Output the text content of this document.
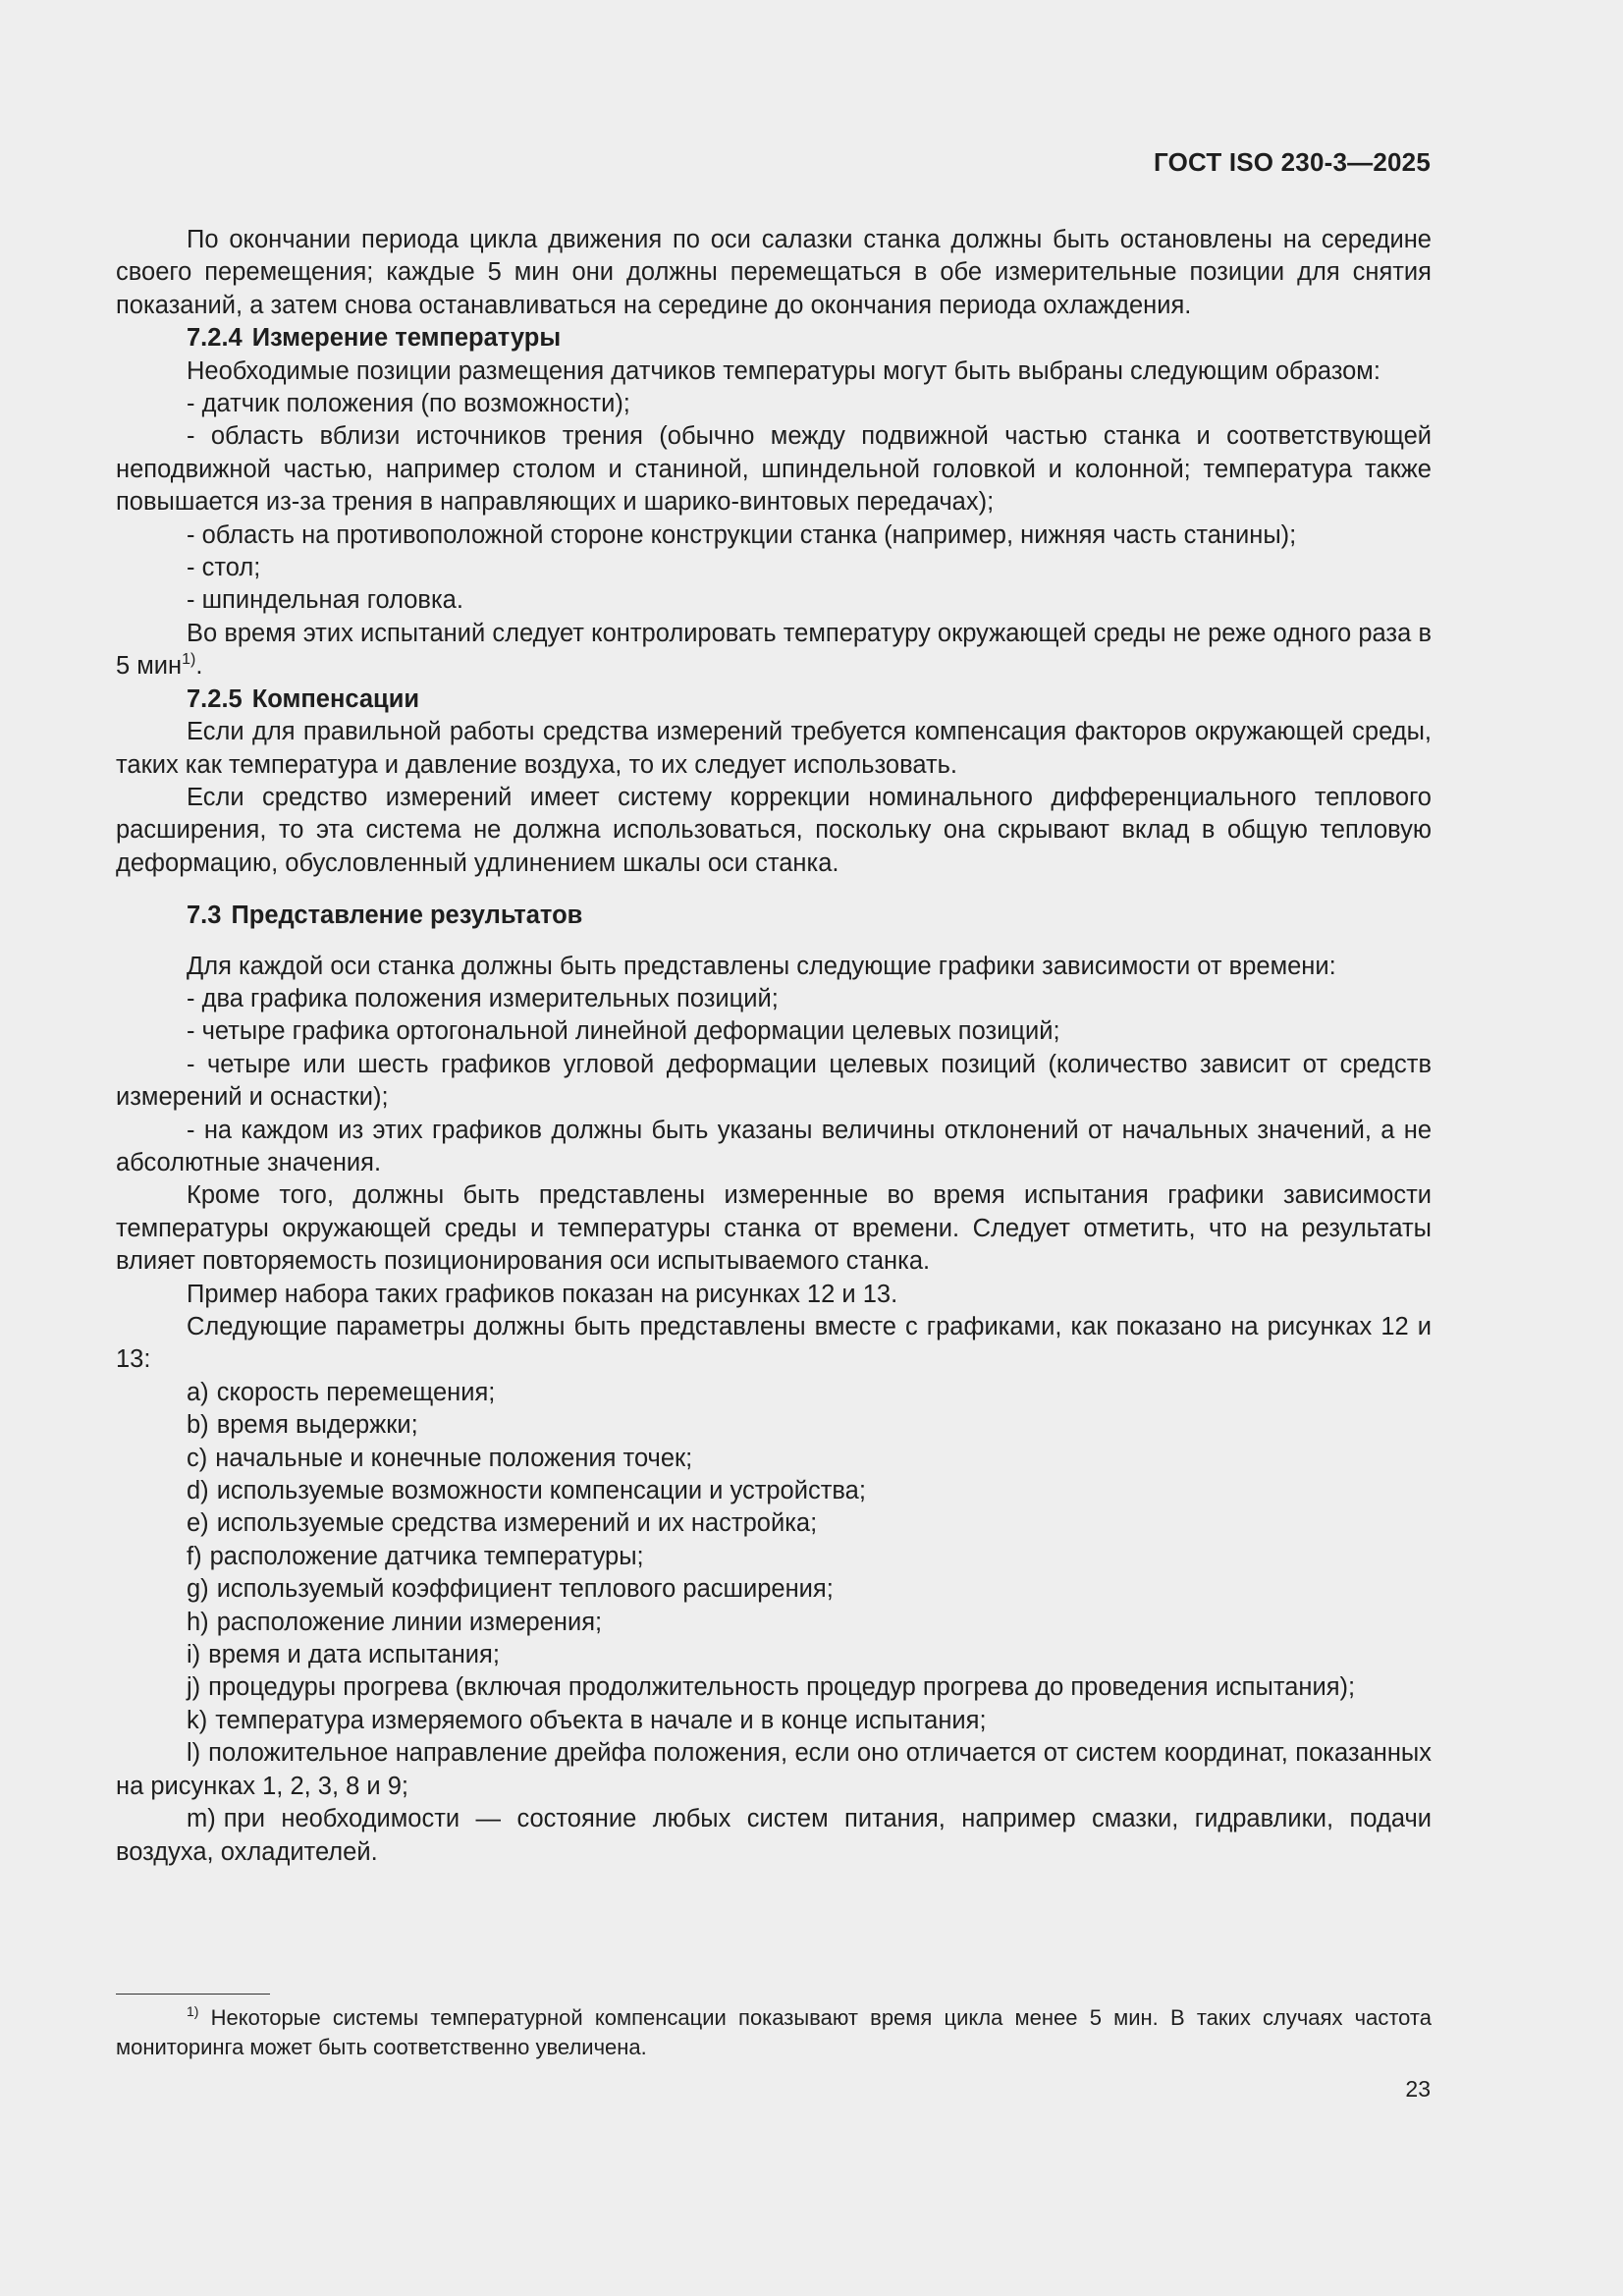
ГОСТ ISO 230-3—2025

По окончании периода цикла движения по оси салазки станка должны быть остановлены на середине своего перемещения; каждые 5 мин они должны перемещаться в обе измерительные позиции для снятия показаний, а затем снова останавливаться на середине до окончания периода охлаждения.

7.2.4 Измерение температуры

Необходимые позиции размещения датчиков температуры могут быть выбраны следующим образом:

- датчик положения (по возможности);

- область вблизи источников трения (обычно между подвижной частью станка и соответствующей неподвижной частью, например столом и станиной, шпиндельной головкой и колонной; температура также повышается из-за трения в направляющих и шарико-винтовых передачах);

- область на противоположной стороне конструкции станка (например, нижняя часть станины);

- стол;

- шпиндельная головка.

Во время этих испытаний следует контролировать температуру окружающей среды не реже одного раза в 5 мин$^{1)}$.

7.2.5 Компенсации

Если для правильной работы средства измерений требуется компенсация факторов окружающей среды, таких как температура и давление воздуха, то их следует использовать.

Если средство измерений имеет систему коррекции номинального дифференциального теплового расширения, то эта система не должна использоваться, поскольку она скрывают вклад в общую тепловую деформацию, обусловленный удлинением шкалы оси станка.

7.3 Представление результатов

Для каждой оси станка должны быть представлены следующие графики зависимости от времени:

- два графика положения измерительных позиций;

- четыре графика ортогональной линейной деформации целевых позиций;

- четыре или шесть графиков угловой деформации целевых позиций (количество зависит от средств измерений и оснастки);

- на каждом из этих графиков должны быть указаны величины отклонений от начальных значений, а не абсолютные значения.

Кроме того, должны быть представлены измеренные во время испытания графики зависимости температуры окружающей среды и температуры станка от времени. Следует отметить, что на результаты влияет повторяемость позиционирования оси испытываемого станка.

Пример набора таких графиков показан на рисунках 12 и 13.

Следующие параметры должны быть представлены вместе с графиками, как показано на рисунках 12 и 13:

a) скорость перемещения;

b) время выдержки;

c) начальные и конечные положения точек;

d) используемые возможности компенсации и устройства;

e) используемые средства измерений и их настройка;

f) расположение датчика температуры;

g) используемый коэффициент теплового расширения;

h) расположение линии измерения;

i) время и дата испытания;

j) процедуры прогрева (включая продолжительность процедур прогрева до проведения испытания);

k) температура измеряемого объекта в начале и в конце испытания;

l) положительное направление дрейфа положения, если оно отличается от систем координат, показанных на рисунках 1, 2, 3, 8 и 9;

m) при необходимости — состояние любых систем питания, например смазки, гидравлики, подачи воздуха, охладителей.

$^{1)}$ Некоторые системы температурной компенсации показывают время цикла менее 5 мин. В таких случаях частота мониторинга может быть соответственно увеличена.

23
